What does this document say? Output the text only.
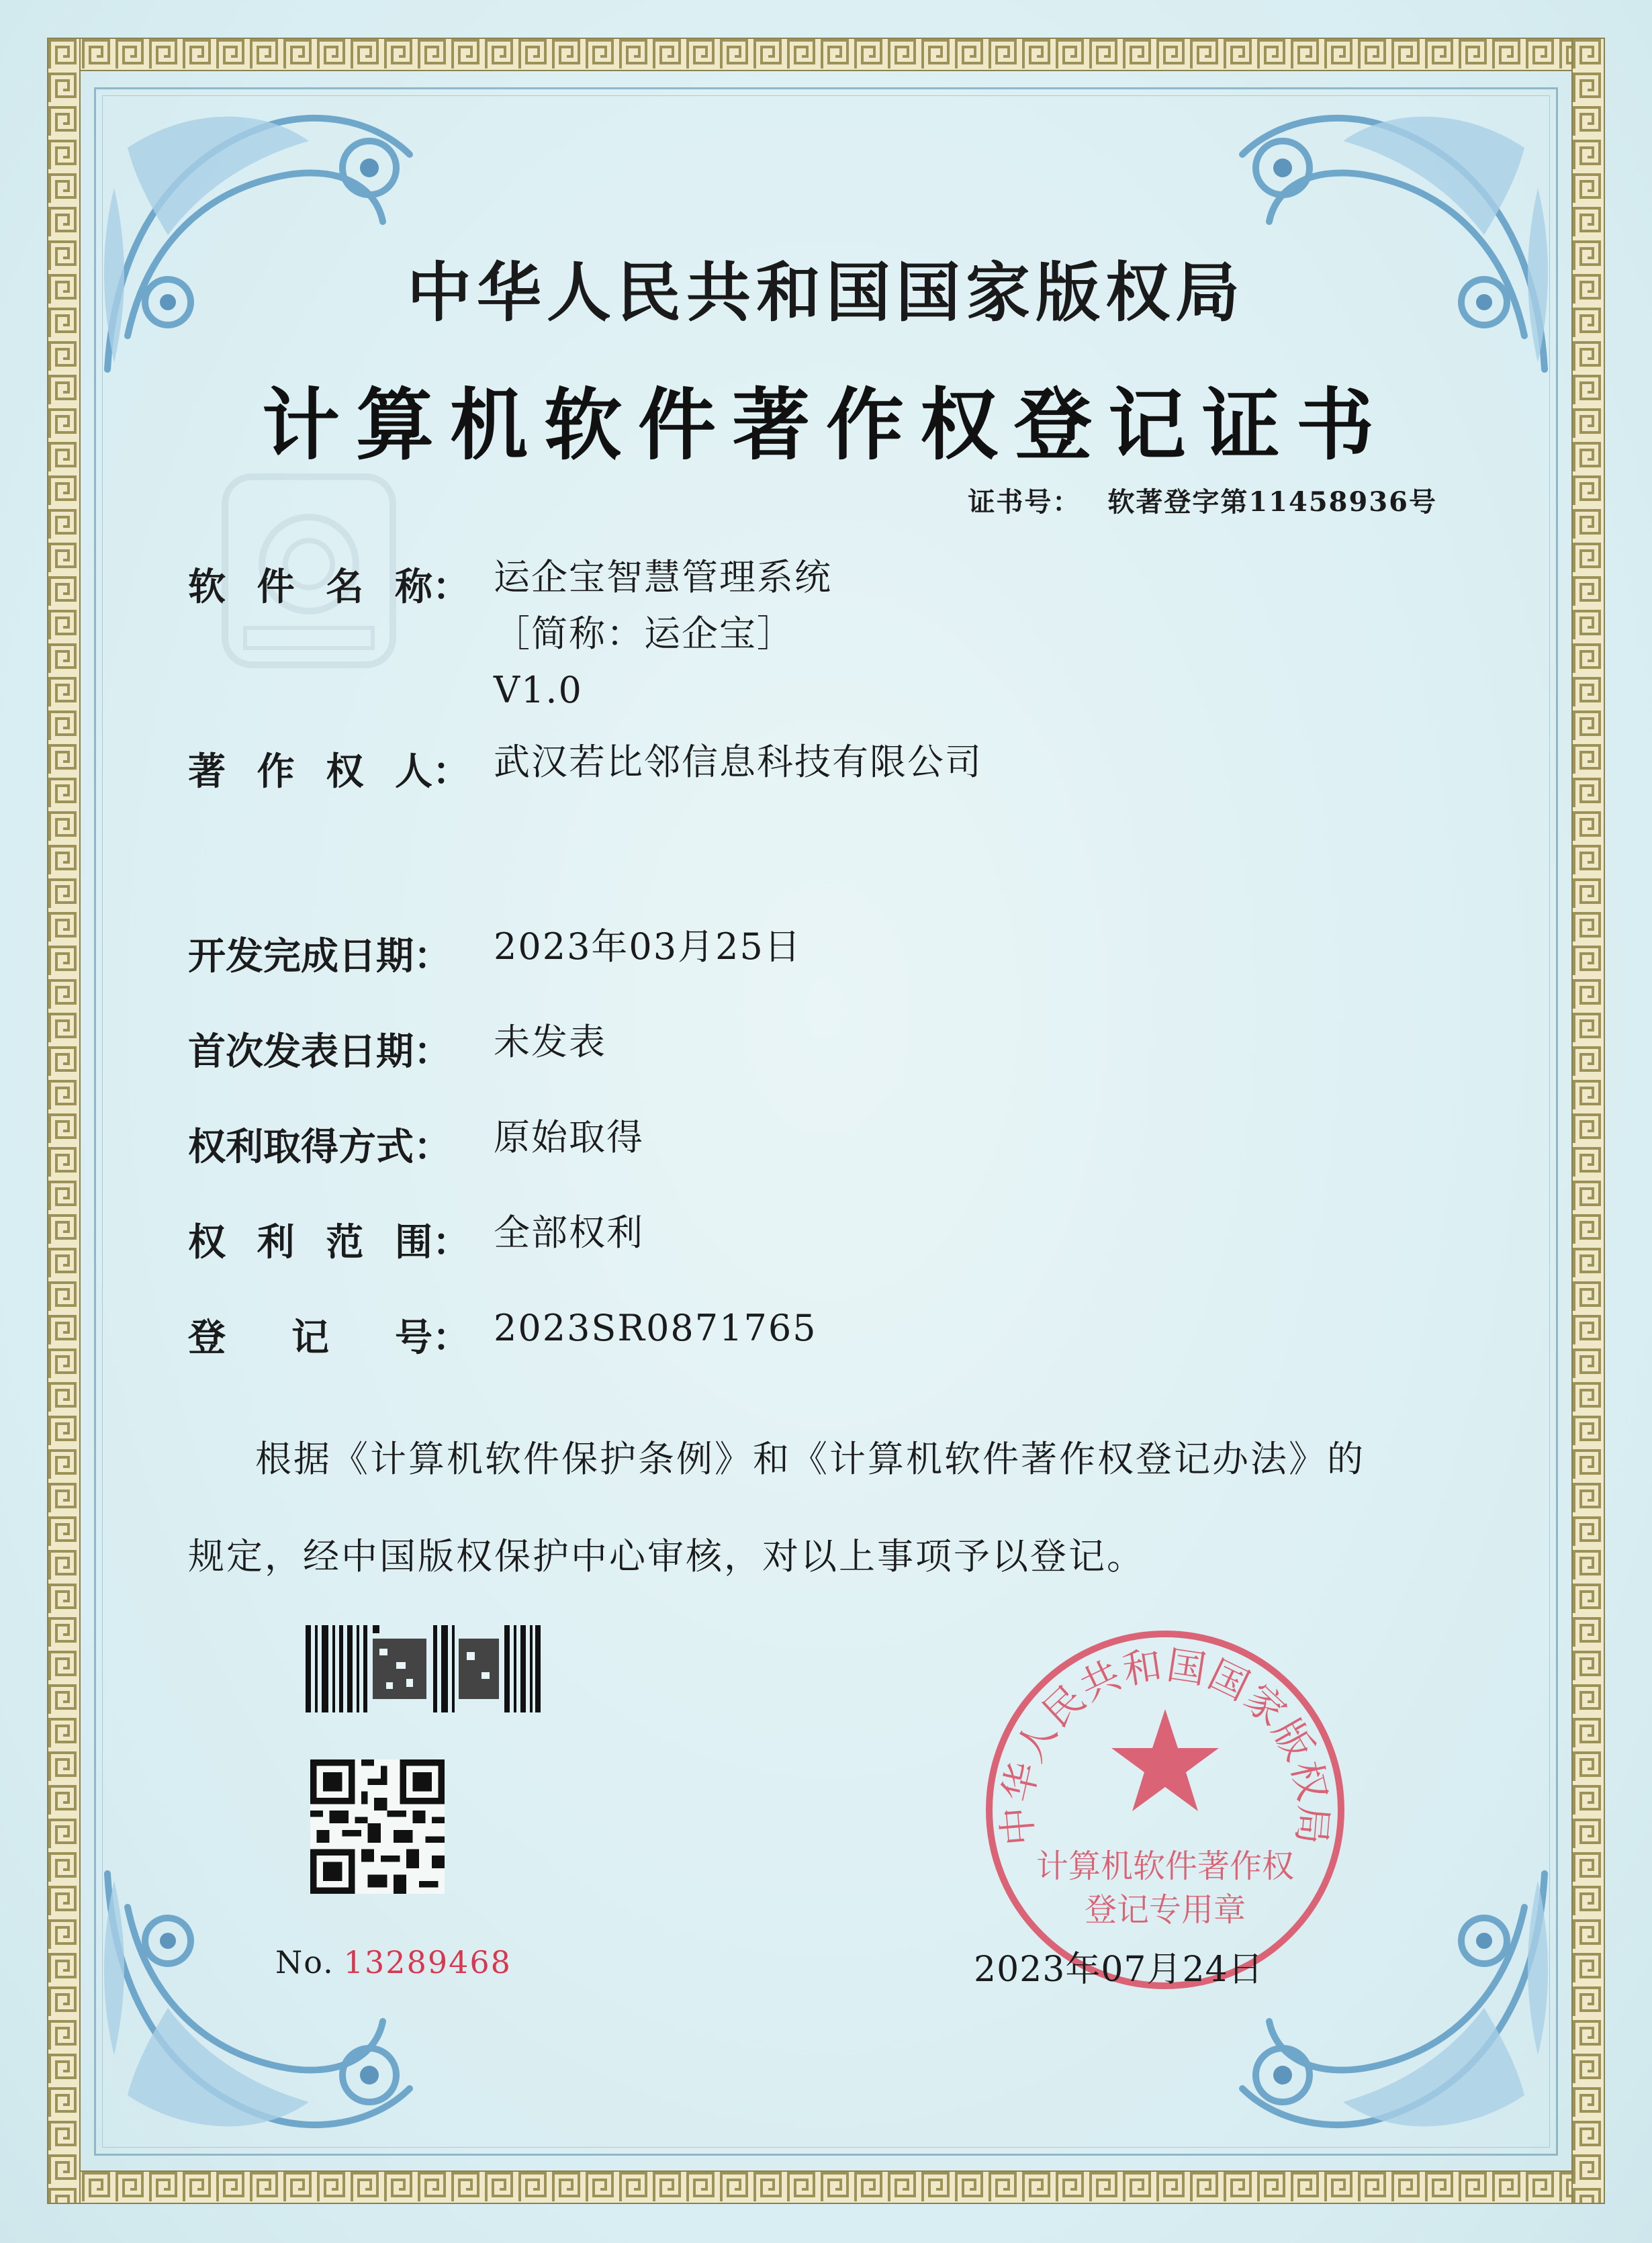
中华人民共和国国家版权局
计算机软件著作权登记证书
证书号： 软著登字第11458936号
软 件 名 称： 运企宝智慧管理系统
［简称：运企宝］
V1.0
著 作 权 人： 武汉若比邻信息科技有限公司
开发完成日期： 2023年03月25日
首次发表日期： 未发表
权利取得方式： 原始取得
权 利 范 围： 全部权利
登 记 号： 2023SR0871765
根据《计算机软件保护条例》和《计算机软件著作权登记办法》的
规定，经中国版权保护中心审核，对以上事项予以登记。
No. 13289468
中华人民共和国国家版权局
计算机软件著作权
登记专用章
2023年07月24日
